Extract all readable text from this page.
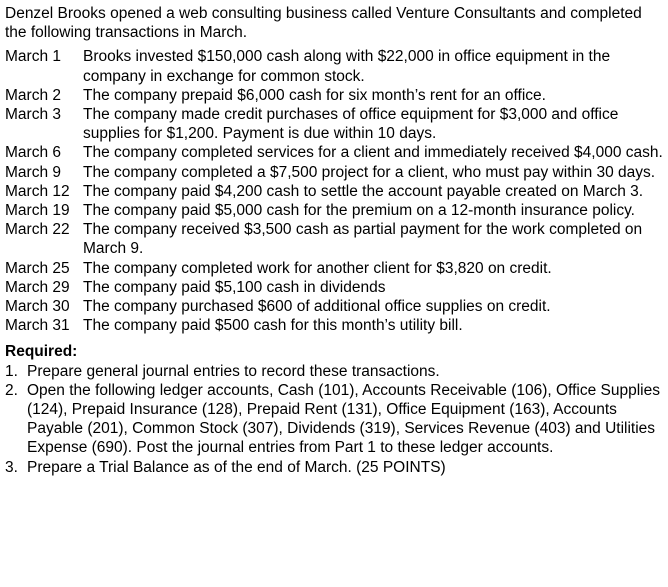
Denzel Brooks opened a web consulting business called Venture Consultants and completed the following transactions in March.
March 1	Brooks invested $150,000 cash along with $22,000 in office equipment in the company in exchange for common stock.
March 2	The company prepaid $6,000 cash for six month’s rent for an office.
March 3	The company made credit purchases of office equipment for $3,000 and office supplies for $1,200. Payment is due within 10 days.
March 6	The company completed services for a client and immediately received $4,000 cash.
March 9	The company completed a $7,500 project for a client, who must pay within 30 days.
March 12 The company paid $4,200 cash to settle the account payable created on March 3.
March 19 The company paid $5,000 cash for the premium on a 12-month insurance policy.
March 22 The company received $3,500 cash as partial payment for the work completed on March 9.
March 25 The company completed work for another client for $3,820 on credit.
March 29 The company paid $5,100 cash in dividends
March 30 The company purchased $600 of additional office supplies on credit.
March 31 The company paid $500 cash for this month’s utility bill.
Required:
1. Prepare general journal entries to record these transactions.
2. Open the following ledger accounts, Cash (101), Accounts Receivable (106), Office Supplies (124), Prepaid Insurance (128), Prepaid Rent (131), Office Equipment (163), Accounts Payable (201), Common Stock (307), Dividends (319), Services Revenue (403) and Utilities Expense (690). Post the journal entries from Part 1 to these ledger accounts.
3. Prepare a Trial Balance as of the end of March. (25 POINTS)
